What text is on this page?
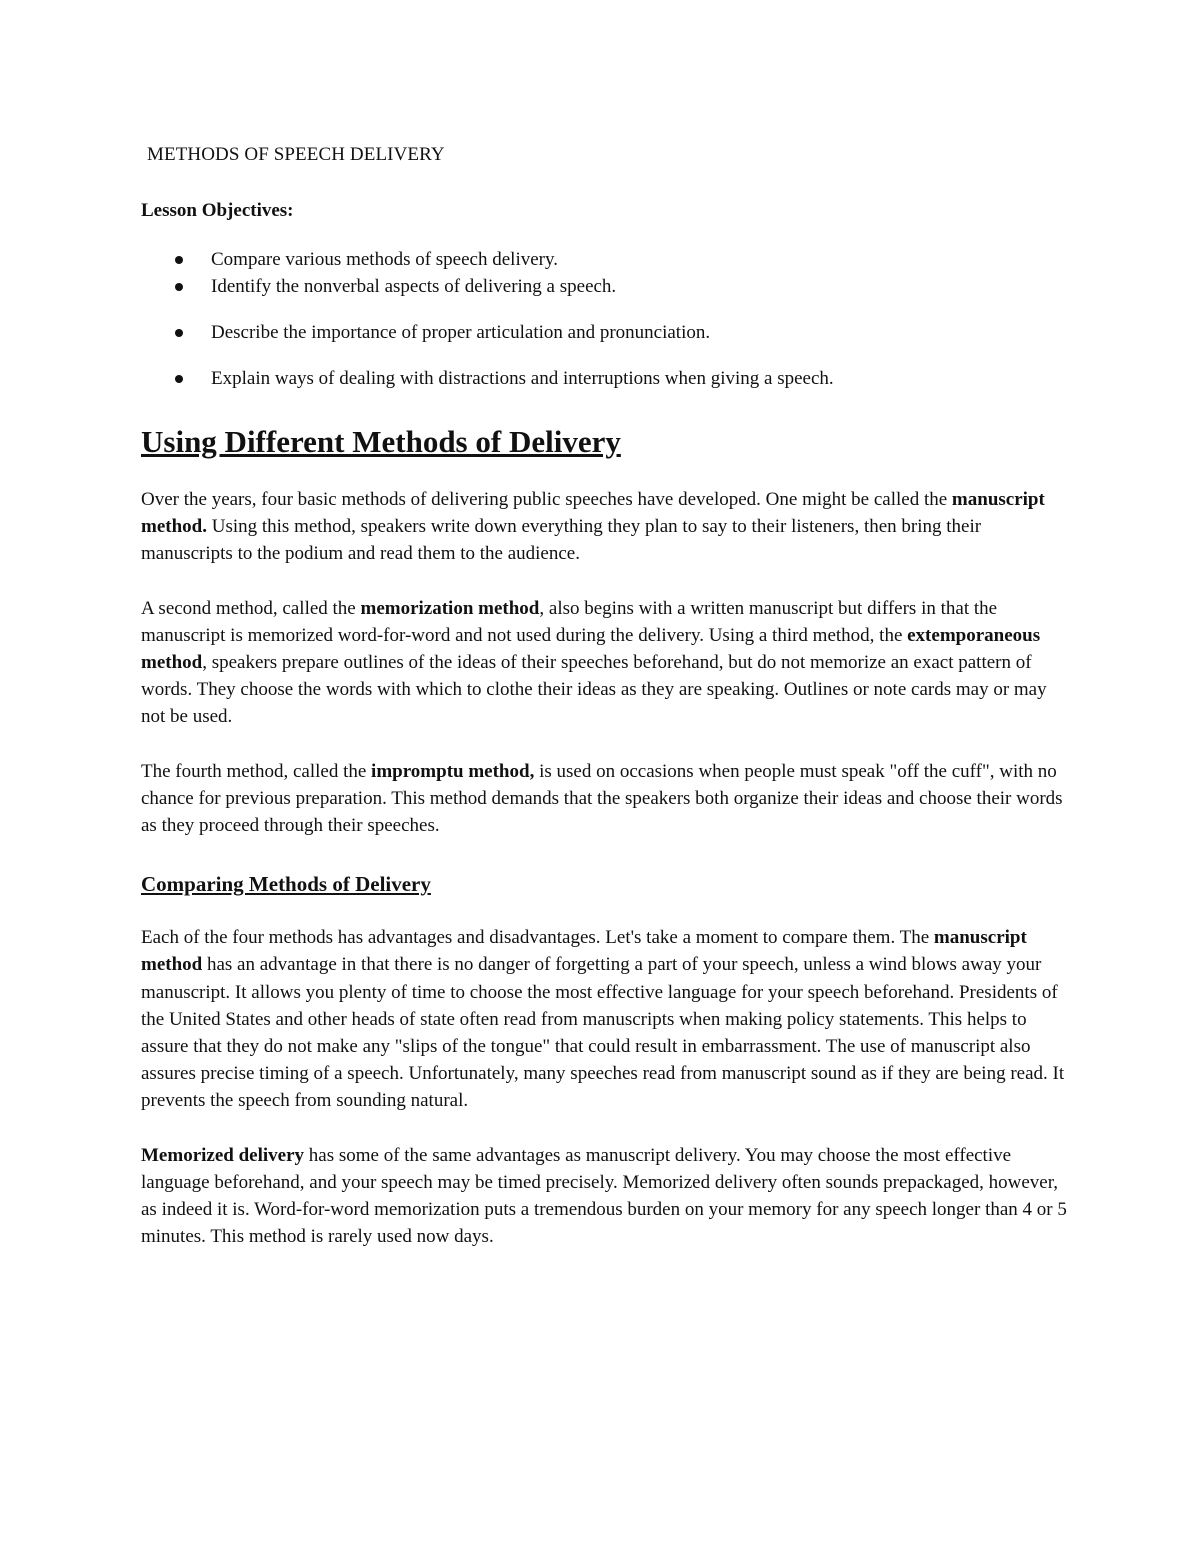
METHODS OF SPEECH DELIVERY
Lesson Objectives:
Compare various methods of speech delivery.
Identify the nonverbal aspects of delivering a speech.
Describe the importance of proper articulation and pronunciation.
Explain ways of dealing with distractions and interruptions when giving a speech.
Using Different Methods of Delivery

Over the years, four basic methods of delivering public speeches have developed. One might be called the manuscript method. Using this method, speakers write down everything they plan to say to their listeners, then bring their manuscripts to the podium and read them to the audience.

A second method, called the memorization method, also begins with a written manuscript but differs in that the manuscript is memorized word-for-word and not used during the delivery. Using a third method, the extemporaneous method, speakers prepare outlines of the ideas of their speeches beforehand, but do not memorize an exact pattern of words. They choose the words with which to clothe their ideas as they are speaking. Outlines or note cards may or may not be used.

The fourth method, called the impromptu method, is used on occasions when people must speak "off the cuff", with no chance for previous preparation. This method demands that the speakers both organize their ideas and choose their words as they proceed through their speeches.

Comparing Methods of Delivery

Each of the four methods has advantages and disadvantages. Let's take a moment to compare them. The manuscript method has an advantage in that there is no danger of forgetting a part of your speech, unless a wind blows away your manuscript. It allows you plenty of time to choose the most effective language for your speech beforehand. Presidents of the United States and other heads of state often read from manuscripts when making policy statements. This helps to assure that they do not make any "slips of the tongue" that could result in embarrassment. The use of manuscript also assures precise timing of a speech. Unfortunately, many speeches read from manuscript sound as if they are being read. It prevents the speech from sounding natural.

Memorized delivery has some of the same advantages as manuscript delivery. You may choose the most effective language beforehand, and your speech may be timed precisely. Memorized delivery often sounds prepackaged, however, as indeed it is. Word-for-word memorization puts a tremendous burden on your memory for any speech longer than 4 or 5 minutes. This method is rarely used now days.
